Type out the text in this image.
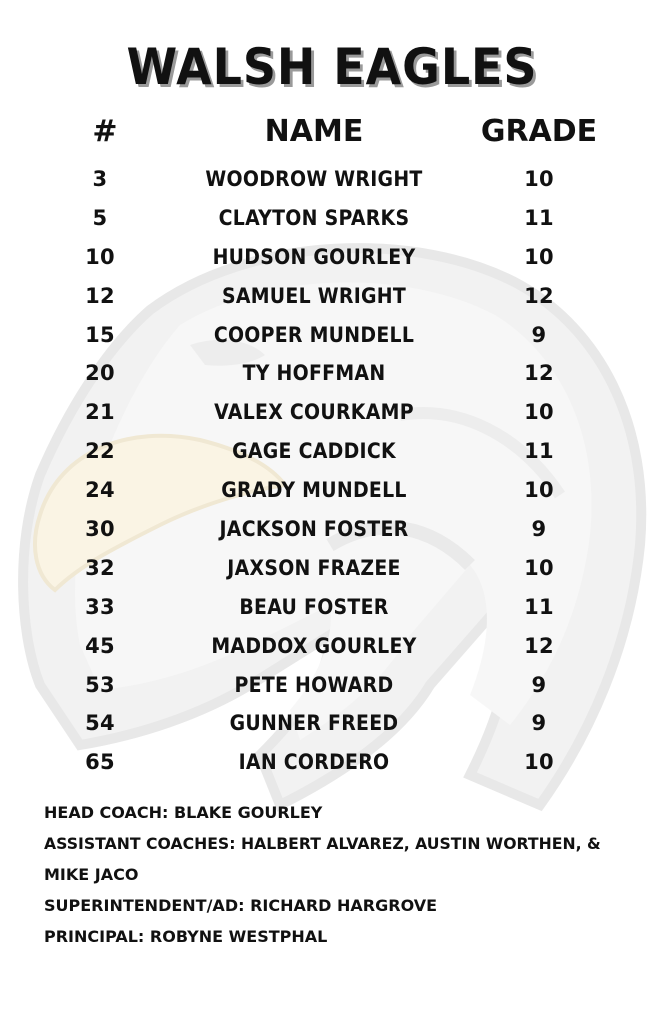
WALSH EAGLES
#	NAME	GRADE
3	WOODROW WRIGHT	10
5	CLAYTON SPARKS	11
10	HUDSON GOURLEY	10
12	SAMUEL WRIGHT	12
15	COOPER MUNDELL	9
20	TY HOFFMAN	12
21	VALEX COURKAMP	10
22	GAGE CADDICK	11
24	GRADY MUNDELL	10
30	JACKSON FOSTER	9
32	JAXSON FRAZEE	10
33	BEAU FOSTER	11
45	MADDOX GOURLEY	12
53	PETE HOWARD	9
54	GUNNER FREED	9
65	IAN CORDERO	10
HEAD COACH: BLAKE GOURLEY
ASSISTANT COACHES: HALBERT ALVAREZ, AUSTIN WORTHEN, &
MIKE JACO
SUPERINTENDENT/AD: RICHARD HARGROVE
PRINCIPAL: ROBYNE WESTPHAL
